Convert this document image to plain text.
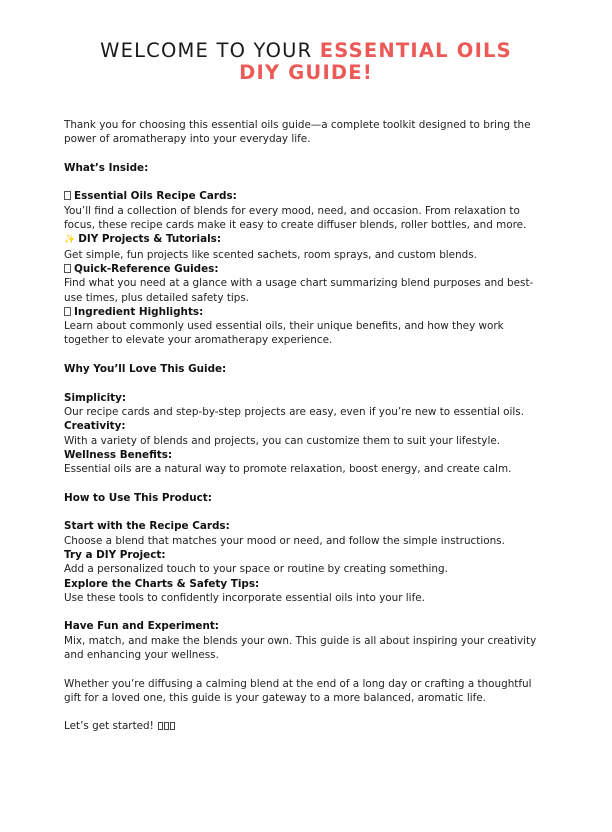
WELCOME TO YOUR ESSENTIAL OILS
DIY GUIDE!

Thank you for choosing this essential oils guide—a complete toolkit designed to bring the power of aromatherapy into your everyday life.

What’s Inside:

Essential Oils Recipe Cards:

You’ll find a collection of blends for every mood, need, and occasion. From relaxation to focus, these recipe cards make it easy to create diffuser blends, roller bottles, and more.

✨ DIY Projects & Tutorials:

Get simple, fun projects like scented sachets, room sprays, and custom blends.

Quick-Reference Guides:

Find what you need at a glance with a usage chart summarizing blend purposes and best-use times, plus detailed safety tips.

Ingredient Highlights:

Learn about commonly used essential oils, their unique benefits, and how they work together to elevate your aromatherapy experience.

Why You’ll Love This Guide:

Simplicity:

Our recipe cards and step-by-step projects are easy, even if you’re new to essential oils.

Creativity:

With a variety of blends and projects, you can customize them to suit your lifestyle.

Wellness Benefits:

Essential oils are a natural way to promote relaxation, boost energy, and create calm.

How to Use This Product:

Start with the Recipe Cards:

Choose a blend that matches your mood or need, and follow the simple instructions.

Try a DIY Project:

Add a personalized touch to your space or routine by creating something.

Explore the Charts & Safety Tips:

Use these tools to confidently incorporate essential oils into your life.

Have Fun and Experiment:

Mix, match, and make the blends your own. This guide is all about inspiring your creativity and enhancing your wellness.

Whether you’re diffusing a calming blend at the end of a long day or crafting a thoughtful gift for a loved one, this guide is your gateway to a more balanced, aromatic life.

Let’s get started!
